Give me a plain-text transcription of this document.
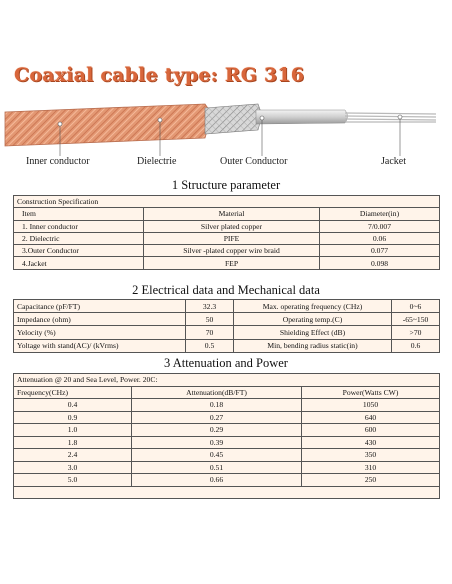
Coaxial cable type: RG 316
Inner conductor	Dielectrie	Outer Conductor	Jacket
1 Structure parameter
Construction Specification		
Item	Material	Diameter(in)
1. Inner conductor	Silver plated copper	7/0.007
2. Dielectric	PIFE	0.06
3.Outer Conductor	Silver -plated copper wire braid	0.077
4.Jacket	FEP	0.098
2 Electrical data and Mechanical data
Capacitance (pF/FT)	32.3	Max. operating frequency (CHz)	0~6
Impedance (ohm)	50	Operating temp.(C)	-65~150
Yelocity (%)	70	Shielding Effect (dB)	>70
Yoltage with stand(AC)/ (kVrms)	0.5	Min, bending radius static(in)	0.6
3 Attenuation and Power
Attenuation @ 20 and Sea Level, Power. 20C:		
Frequency(CHz)	Attenuation(dB/FT)	Power(Watts CW)
0.4	0.18	1050
0.9	0.27	640
1.0	0.29	600
1.8	0.39	430
2.4	0.45	350
3.0	0.51	310
5.0	0.66	250
